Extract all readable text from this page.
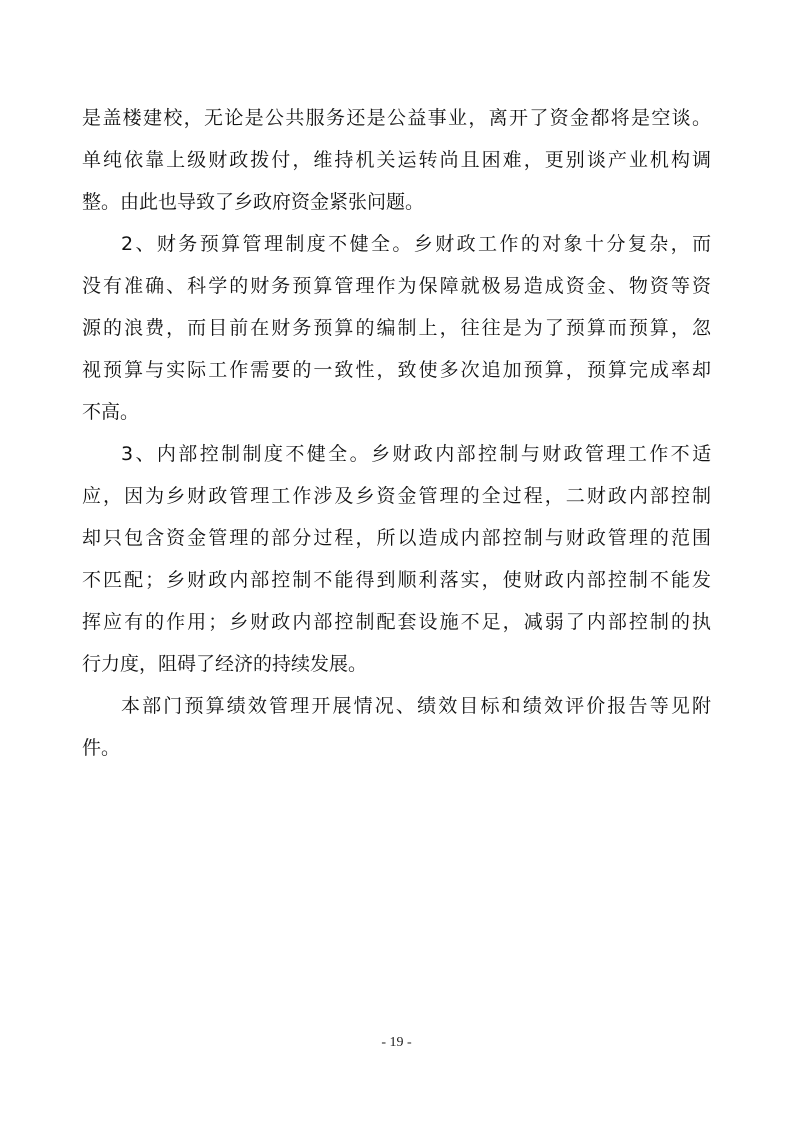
是盖楼建校，无论是公共服务还是公益事业，离开了资金都将是空谈。
单纯依靠上级财政拨付，维持机关运转尚且困难，更别谈产业机构调
整。由此也导致了乡政府资金紧张问题。
2、财务预算管理制度不健全。乡财政工作的对象十分复杂，而
没有准确、科学的财务预算管理作为保障就极易造成资金、物资等资
源的浪费，而目前在财务预算的编制上，往往是为了预算而预算，忽
视预算与实际工作需要的一致性，致使多次追加预算，预算完成率却
不高。
3、内部控制制度不健全。乡财政内部控制与财政管理工作不适
应，因为乡财政管理工作涉及乡资金管理的全过程，二财政内部控制
却只包含资金管理的部分过程，所以造成内部控制与财政管理的范围
不匹配；乡财政内部控制不能得到顺利落实，使财政内部控制不能发
挥应有的作用；乡财政内部控制配套设施不足，减弱了内部控制的执
行力度，阻碍了经济的持续发展。
本部门预算绩效管理开展情况、绩效目标和绩效评价报告等见附
件。
- 19 -
